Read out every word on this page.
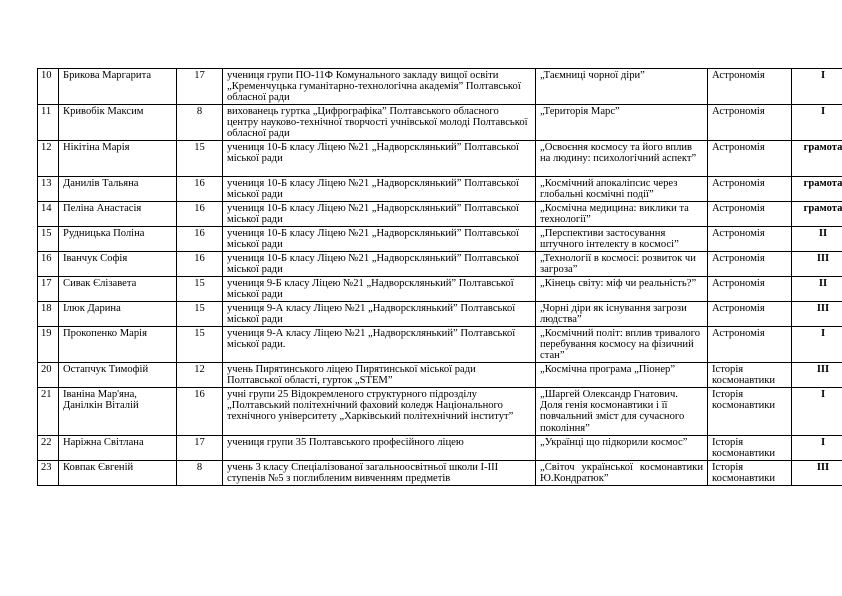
10	Брикова Маргарита	17	учениця групи ПО-11Ф Комунального закладу вищої освіти „Кременчуцька гуманітарно-технологічна академія” Полтавської обласної ради	„Таємниці чорної діри”	Астрономія	І
11	Кривобік Максим	8	вихованець гуртка „Цифрографіка” Полтавського обласного центру науково-технічної творчості учнівської молоді Полтавської обласної ради	„Територія Марс”	Астрономія	І
12	Нікітіна Марія	15	учениця 10-Б класу Ліцею №21 „Надворсклянький” Полтавської міської ради	„Освоєння космосу та його вплив на людину: психологічний аспект”	Астрономія	грамота
13	Данилів Тальяна	16	учениця 10-Б класу Ліцею №21 „Надворсклянький” Полтавської міської ради	„Космічний апокаліпсис через глобальні космічні події”	Астрономія	грамота
14	Пеліна Анастасія	16	учениця 10-Б класу Ліцею №21 „Надворсклянький” Полтавської міської ради	„Космічна медицина: виклики та технології”	Астрономія	грамота
15	Рудницька Поліна	16	учениця 10-Б класу Ліцею №21 „Надворсклянький” Полтавської міської ради	„Перспективи застосування штучного інтелекту в космосі”	Астрономія	ІІ
16	Іванчук Софія	16	учениця 10-Б класу Ліцею №21 „Надворсклянький” Полтавської міської ради	„Технології в космосі: розвиток чи загроза”	Астрономія	ІІІ
17	Сивак Єлізавета	15	учениця 9-Б класу Ліцею №21 „Надворсклянький” Полтавської міської ради	„Кінець світу: міф чи реальність?”	Астрономія	ІІ
18	Ілюк Дарина	15	учениця 9-А класу Ліцею №21 „Надворсклянький” Полтавської міської ради	„Чорні діри як існування загрози людства”	Астрономія	ІІІ
19	Прокопенко Марія	15	учениця 9-А класу Ліцею №21 „Надворсклянький” Полтавської міської ради.	„Космічний політ: вплив тривалого перебування космосу на фізичний стан”	Астрономія	І
20	Остапчук Тимофій	12	учень Пирятинського ліцею Пирятинської міської ради Полтавської області, гурток „STEM”	„Космічна програма „Піонер”	Історія космонавтики	ІІІ
21	Іваніна Мар'яна, Данілкін Віталій	16	учні групи 25 Відокремленого структурного підрозділу „Полтавський політехнічний фаховий коледж Національного технічного університету „Харківський політехнічний інститут”	„Шаргей Олександр Гнатович. Доля генія космонавтики і її повчальний зміст для сучасного покоління”	Історія космонавтики	І
22	Наріжна Світлана	17	учениця групи 35 Полтавського професійного ліцею	„Українці що підкорили космос”	Історія космонавтики	І
23	Ковпак Євгеній	8	учень 3 класу Спеціалізованої загальноосвітньої школи І-ІІІ ступенів №5 з поглибленим вивченням предметів	„Світоч української космонавтики Ю.Кондратюк”	Історія космонавтики	ІІІ
